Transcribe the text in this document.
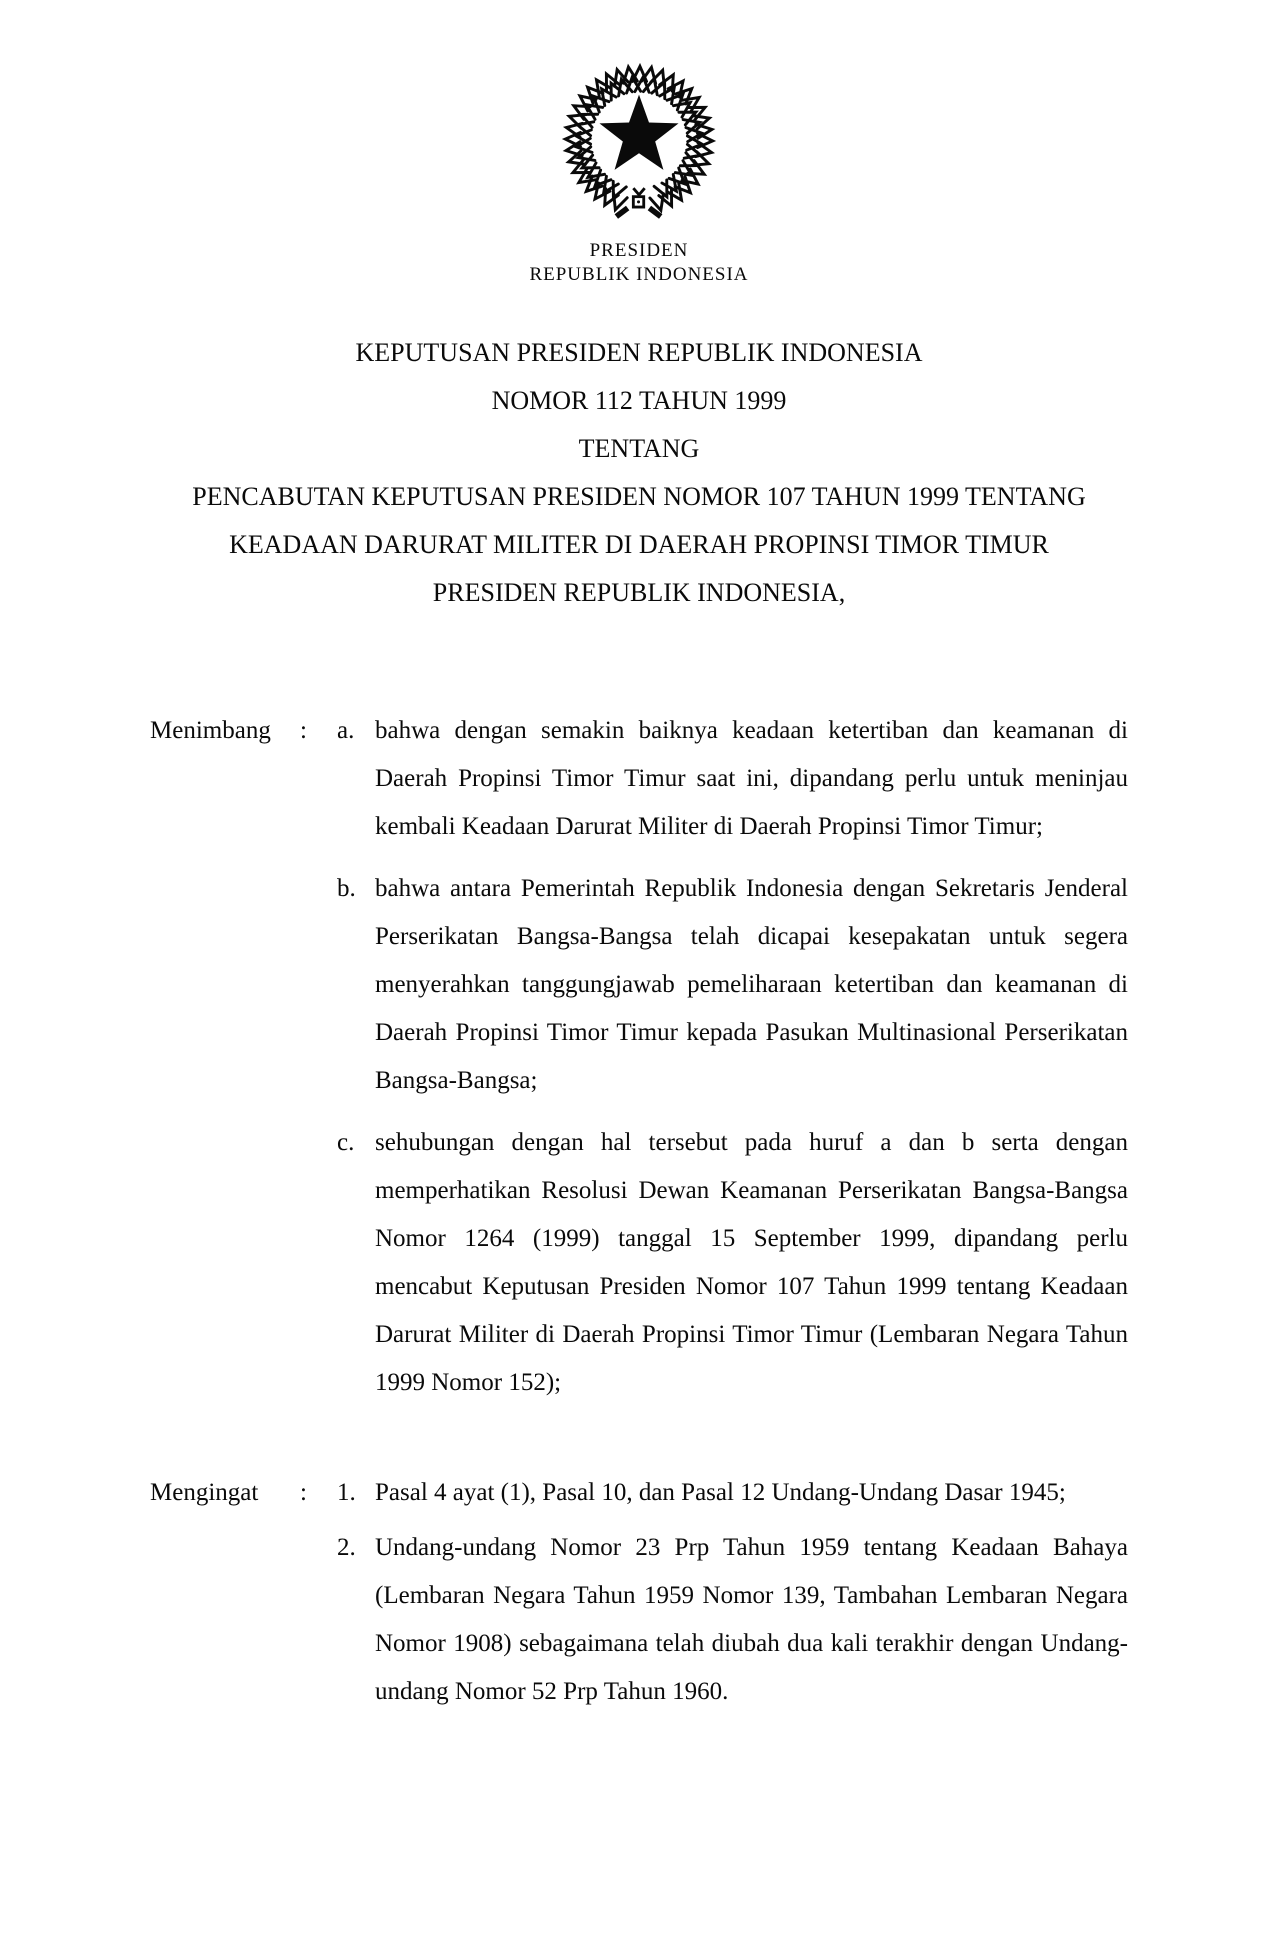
PRESIDEN
REPUBLIK INDONESIA
KEPUTUSAN PRESIDEN REPUBLIK INDONESIA
NOMOR 112 TAHUN 1999
TENTANG
PENCABUTAN KEPUTUSAN PRESIDEN NOMOR 107 TAHUN 1999 TENTANG
KEADAAN DARURAT MILITER DI DAERAH PROPINSI TIMOR TIMUR
PRESIDEN REPUBLIK INDONESIA,
Menimbang	:	a. bahwa dengan semakin baiknya keadaan ketertiban dan keamanan di Daerah Propinsi Timor Timur saat ini, dipandang perlu untuk meninjau kembali Keadaan Darurat Militer di Daerah Propinsi Timor Timur;
b. bahwa antara Pemerintah Republik Indonesia dengan Sekretaris Jenderal Perserikatan Bangsa-Bangsa telah dicapai kesepakatan untuk segera menyerahkan tanggungjawab pemeliharaan ketertiban dan keamanan di Daerah Propinsi Timor Timur kepada Pasukan Multinasional Perserikatan Bangsa-Bangsa;
c. sehubungan dengan hal tersebut pada huruf a dan b serta dengan memperhatikan Resolusi Dewan Keamanan Perserikatan Bangsa-Bangsa Nomor 1264 (1999) tanggal 15 September 1999, dipandang perlu mencabut Keputusan Presiden Nomor 107 Tahun 1999 tentang Keadaan Darurat Militer di Daerah Propinsi Timor Timur (Lembaran Negara Tahun 1999 Nomor 152);
Mengingat	:	1. Pasal 4 ayat (1), Pasal 10, dan Pasal 12 Undang-Undang Dasar 1945;
2. Undang-undang Nomor 23 Prp Tahun 1959 tentang Keadaan Bahaya (Lembaran Negara Tahun 1959 Nomor 139, Tambahan Lembaran Negara Nomor 1908) sebagaimana telah diubah dua kali terakhir dengan Undang-undang Nomor 52 Prp Tahun 1960.
